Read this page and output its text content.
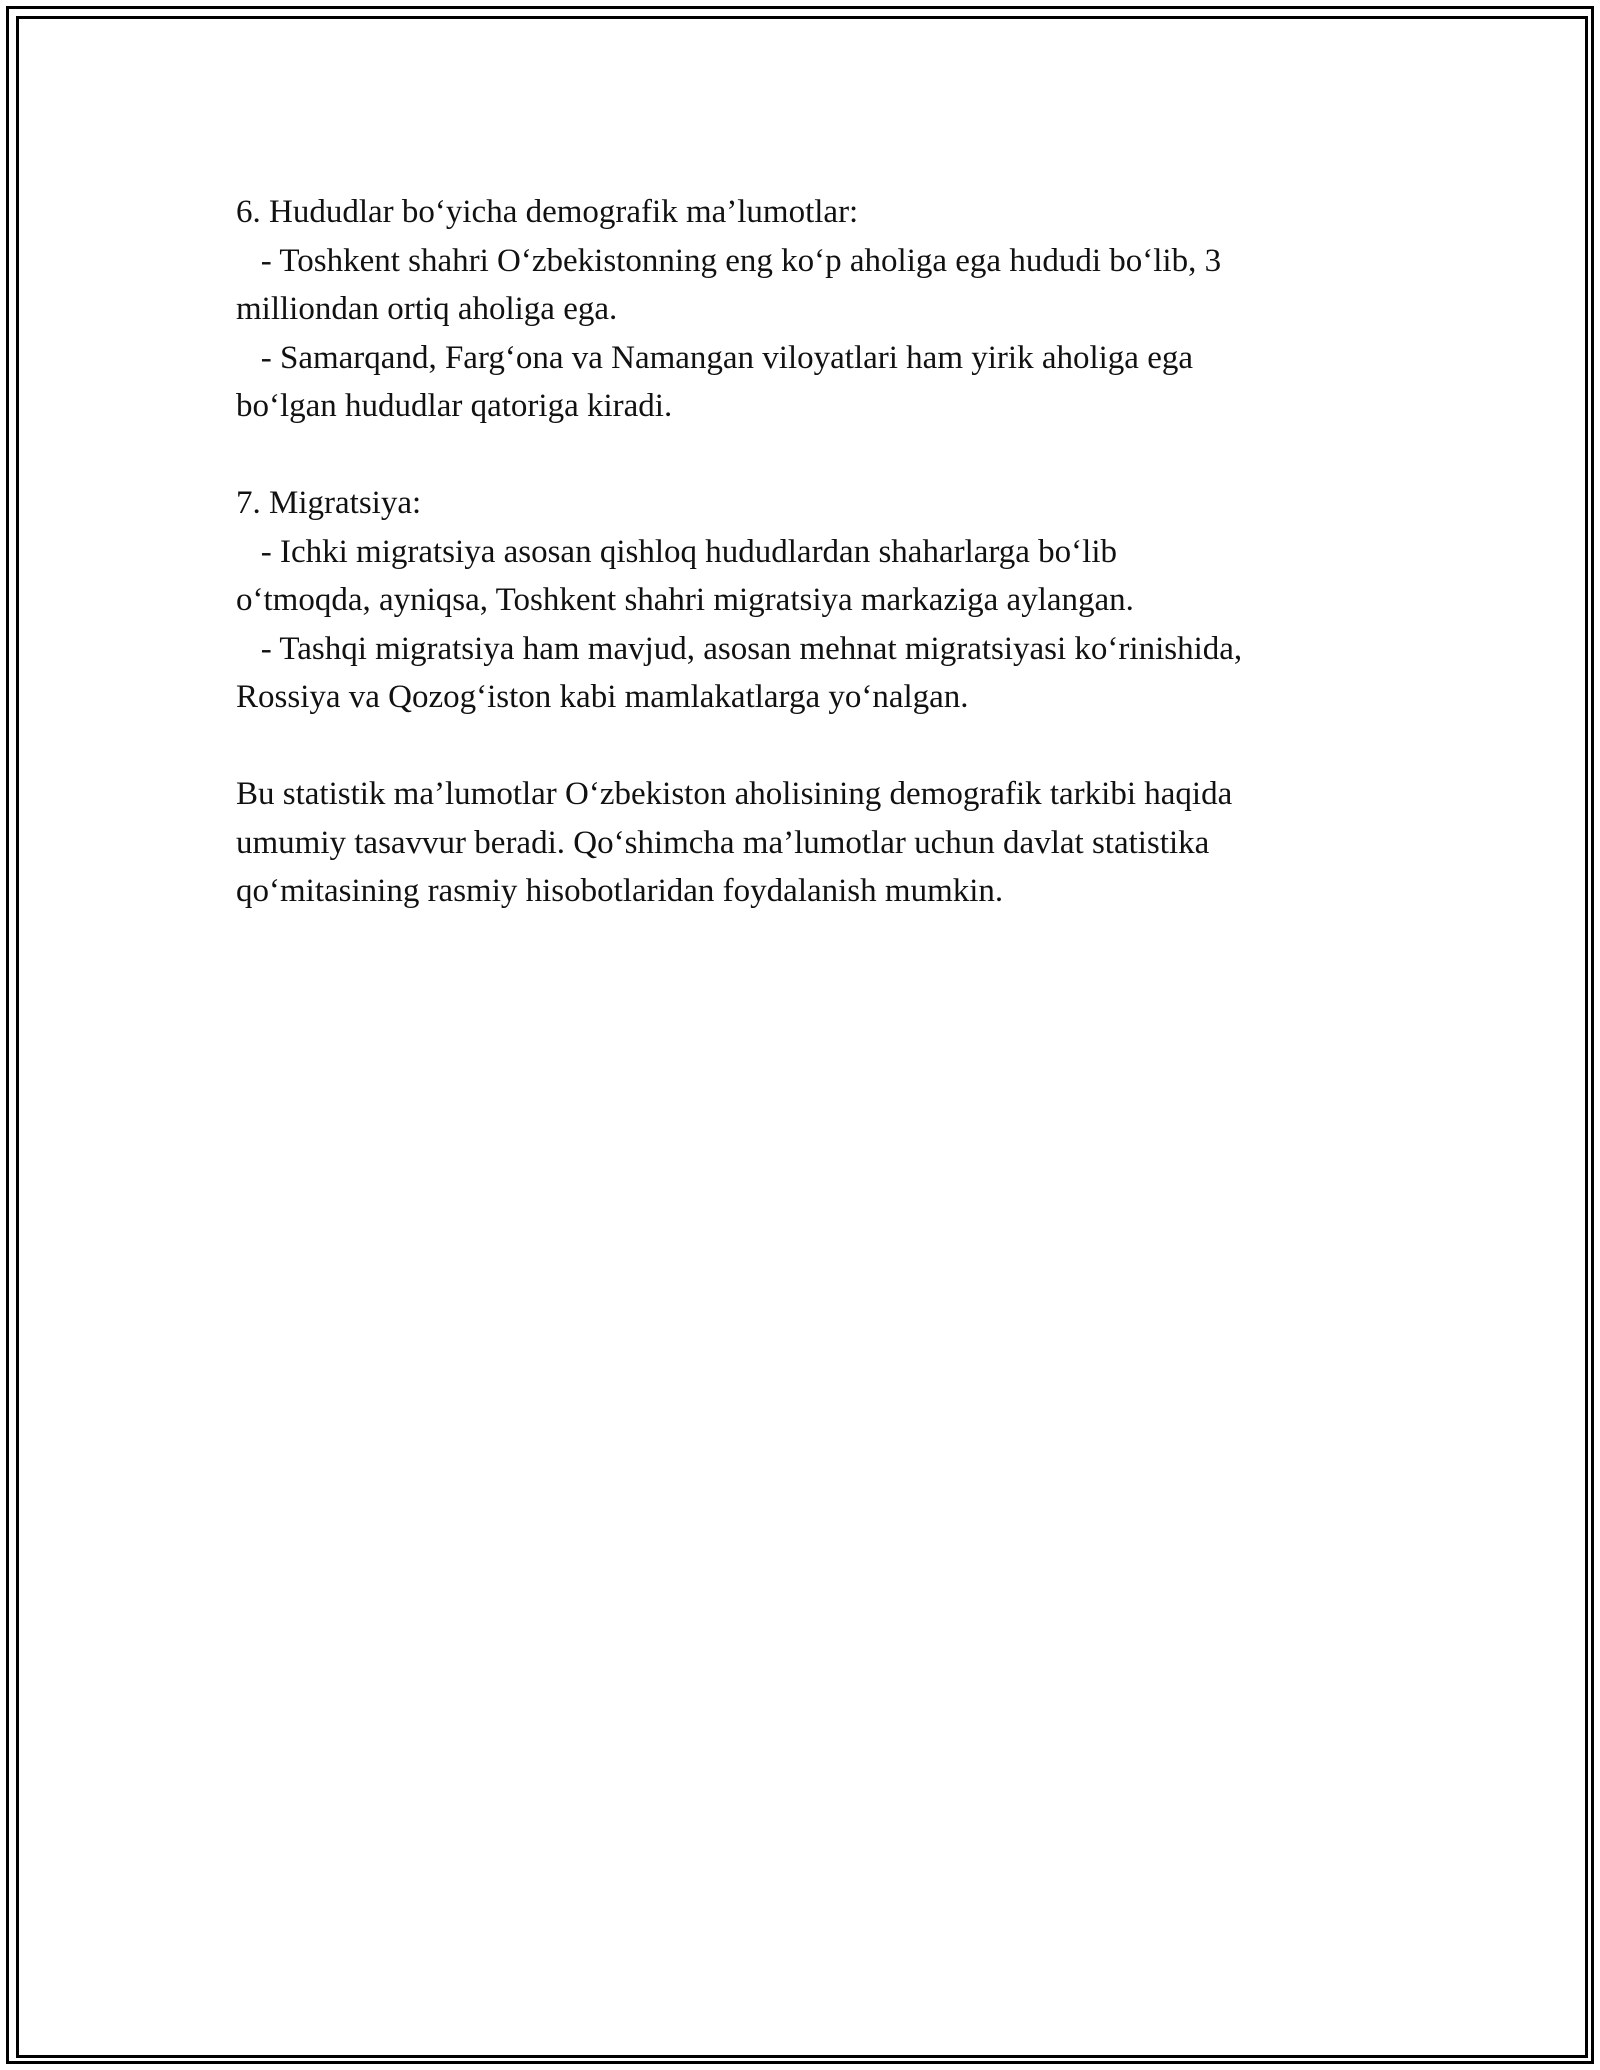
6. Hududlar bo‘yicha demografik ma’lumotlar:
- Toshkent shahri O‘zbekistonning eng ko‘p aholiga ega hududi bo‘lib, 3
milliondan ortiq aholiga ega.
- Samarqand, Farg‘ona va Namangan viloyatlari ham yirik aholiga ega
bo‘lgan hududlar qatoriga kiradi.
7. Migratsiya:
- Ichki migratsiya asosan qishloq hududlardan shaharlarga bo‘lib
o‘tmoqda, ayniqsa, Toshkent shahri migratsiya markaziga aylangan.
- Tashqi migratsiya ham mavjud, asosan mehnat migratsiyasi ko‘rinishida,
Rossiya va Qozog‘iston kabi mamlakatlarga yo‘nalgan.
Bu statistik ma’lumotlar O‘zbekiston aholisining demografik tarkibi haqida
umumiy tasavvur beradi. Qo‘shimcha ma’lumotlar uchun davlat statistika
qo‘mitasining rasmiy hisobotlaridan foydalanish mumkin.
